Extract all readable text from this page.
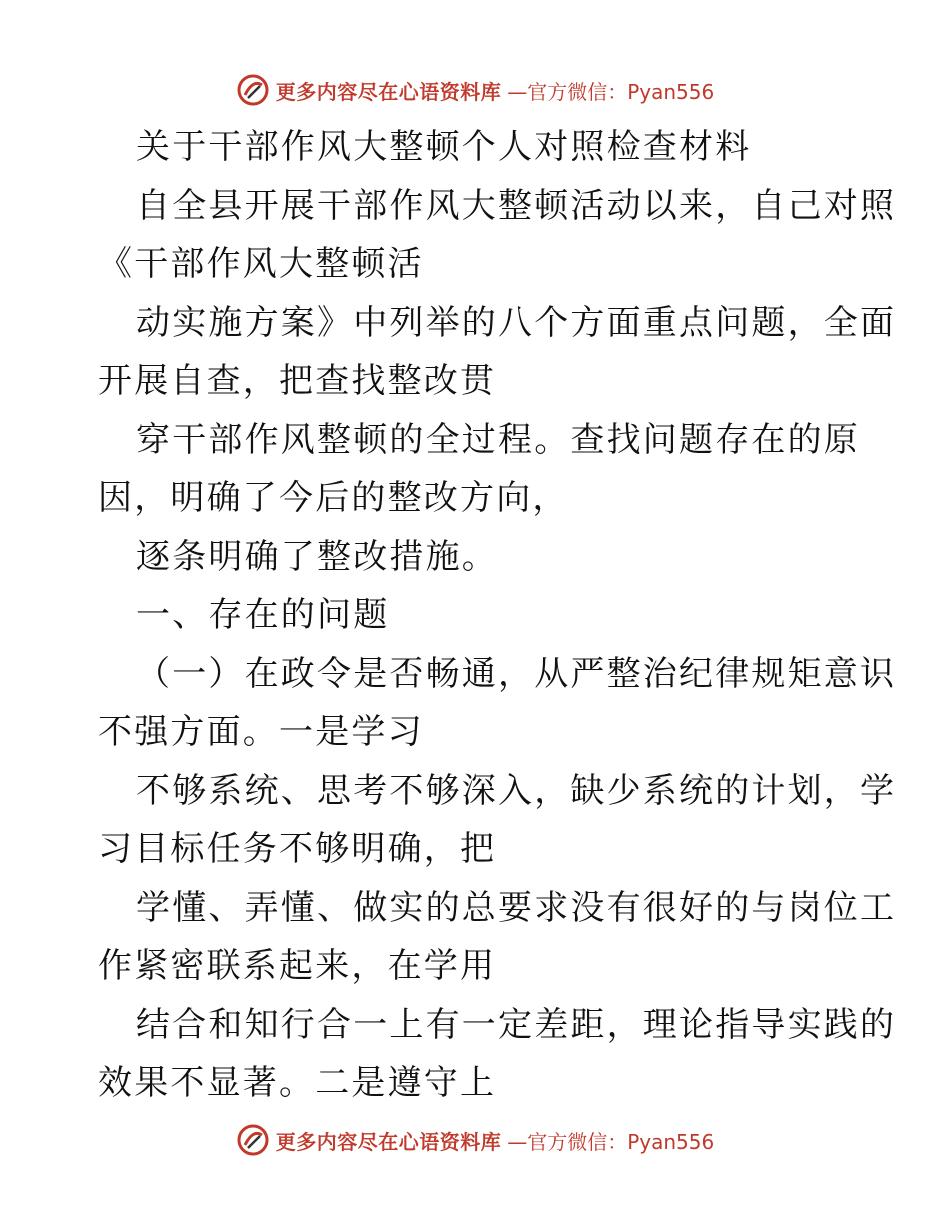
更多内容尽在心语资料库 —官方微信：Pyan556
关于干部作风大整顿个人对照检查材料
自全县开展干部作风大整顿活动以来，自己对照
《干部作风大整顿活
动实施方案》中列举的八个方面重点问题，全面
开展自查，把查找整改贯
穿干部作风整顿的全过程。查找问题存在的原
因，明确了今后的整改方向，
逐条明确了整改措施。
一、存在的问题
（一）在政令是否畅通，从严整治纪律规矩意识
不强方面。一是学习
不够系统、思考不够深入，缺少系统的计划，学
习目标任务不够明确，把
学懂、弄懂、做实的总要求没有很好的与岗位工
作紧密联系起来，在学用
结合和知行合一上有一定差距，理论指导实践的
效果不显著。二是遵守上
更多内容尽在心语资料库 —官方微信：Pyan556
